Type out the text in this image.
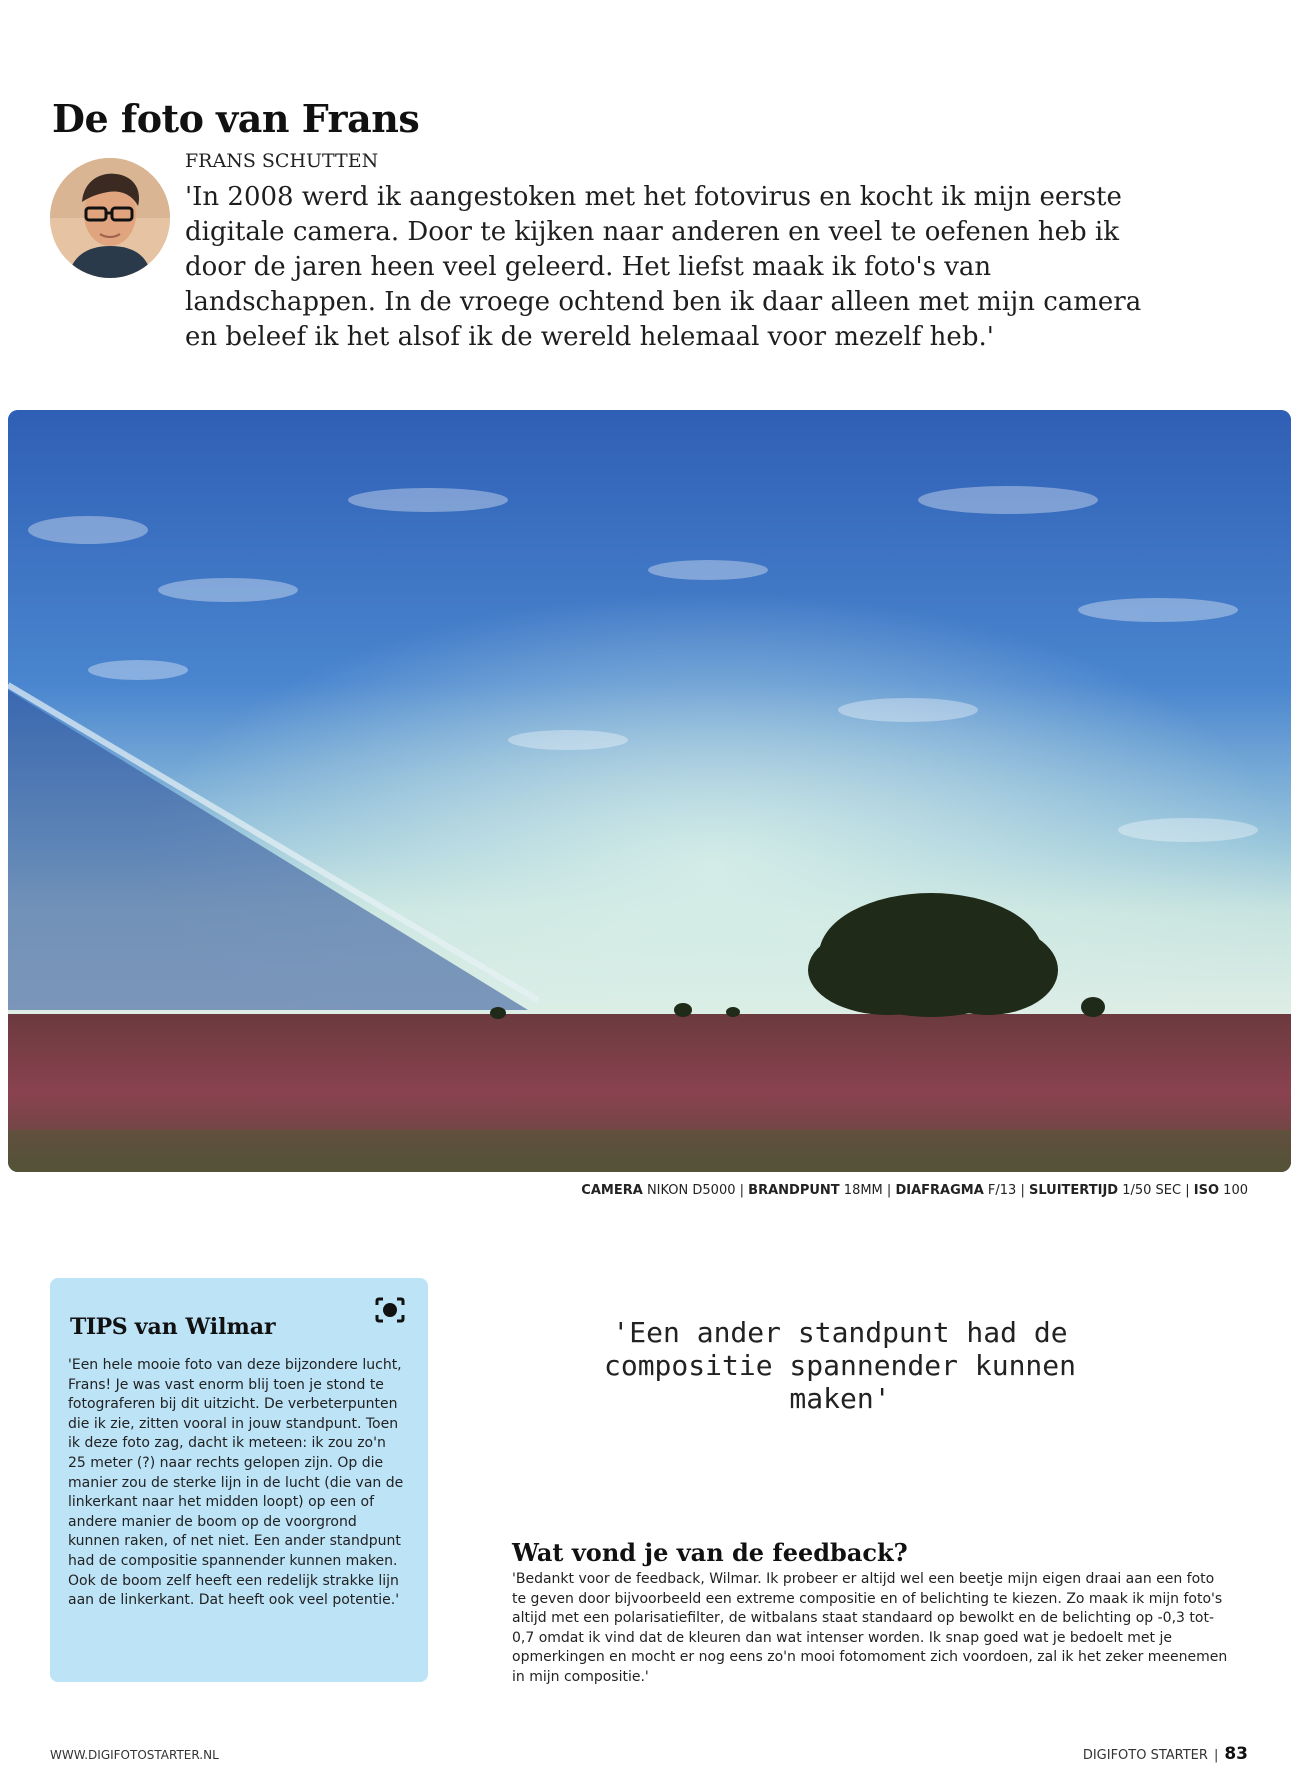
De foto van Frans
FRANS SCHUTTEN

'In 2008 werd ik aangestoken met het fotovirus en kocht ik mijn eerste digitale camera. Door te kijken naar anderen en veel te oefenen heb ik door de jaren heen veel geleerd. Het liefst maak ik foto's van landschappen. In de vroege ochtend ben ik daar alleen met mijn camera en beleef ik het alsof ik de wereld helemaal voor mezelf heb.'

CAMERA NIKON D5000 | BRANDPUNT 18MM | DIAFRAGMA F/13 | SLUITERTIJD 1/50 SEC | ISO 100
TIPS van Wilmar

'Een hele mooie foto van deze bijzondere lucht, Frans! Je was vast enorm blij toen je stond te fotograferen bij dit uitzicht. De verbeterpunten die ik zie, zitten vooral in jouw standpunt. Toen ik deze foto zag, dacht ik meteen: ik zou zo'n 25 meter (?) naar rechts gelopen zijn. Op die manier zou de sterke lijn in de lucht (die van de linkerkant naar het midden loopt) op een of andere manier de boom op de voorgrond kunnen raken, of net niet. Een ander standpunt had de compositie spannender kunnen maken. Ook de boom zelf heeft een redelijk strakke lijn aan de linkerkant. Dat heeft ook veel potentie.'

'Een ander standpunt had de compositie spannender kunnen maken'

Wat vond je van de feedback?

'Bedankt voor de feedback, Wilmar. Ik probeer er altijd wel een beetje mijn eigen draai aan een foto te geven door bijvoorbeeld een extreme compositie en of belichting te kiezen. Zo maak ik mijn foto's altijd met een polarisatiefilter, de witbalans staat standaard op bewolkt en de belichting op -0,3 tot-0,7 omdat ik vind dat de kleuren dan wat intenser worden. Ik snap goed wat je bedoelt met je opmerkingen en mocht er nog eens zo'n mooi fotomoment zich voordoen, zal ik het zeker meenemen in mijn compositie.'

WWW.DIGIFOTOSTARTER.NL	DIGIFOTO STARTER | 83
